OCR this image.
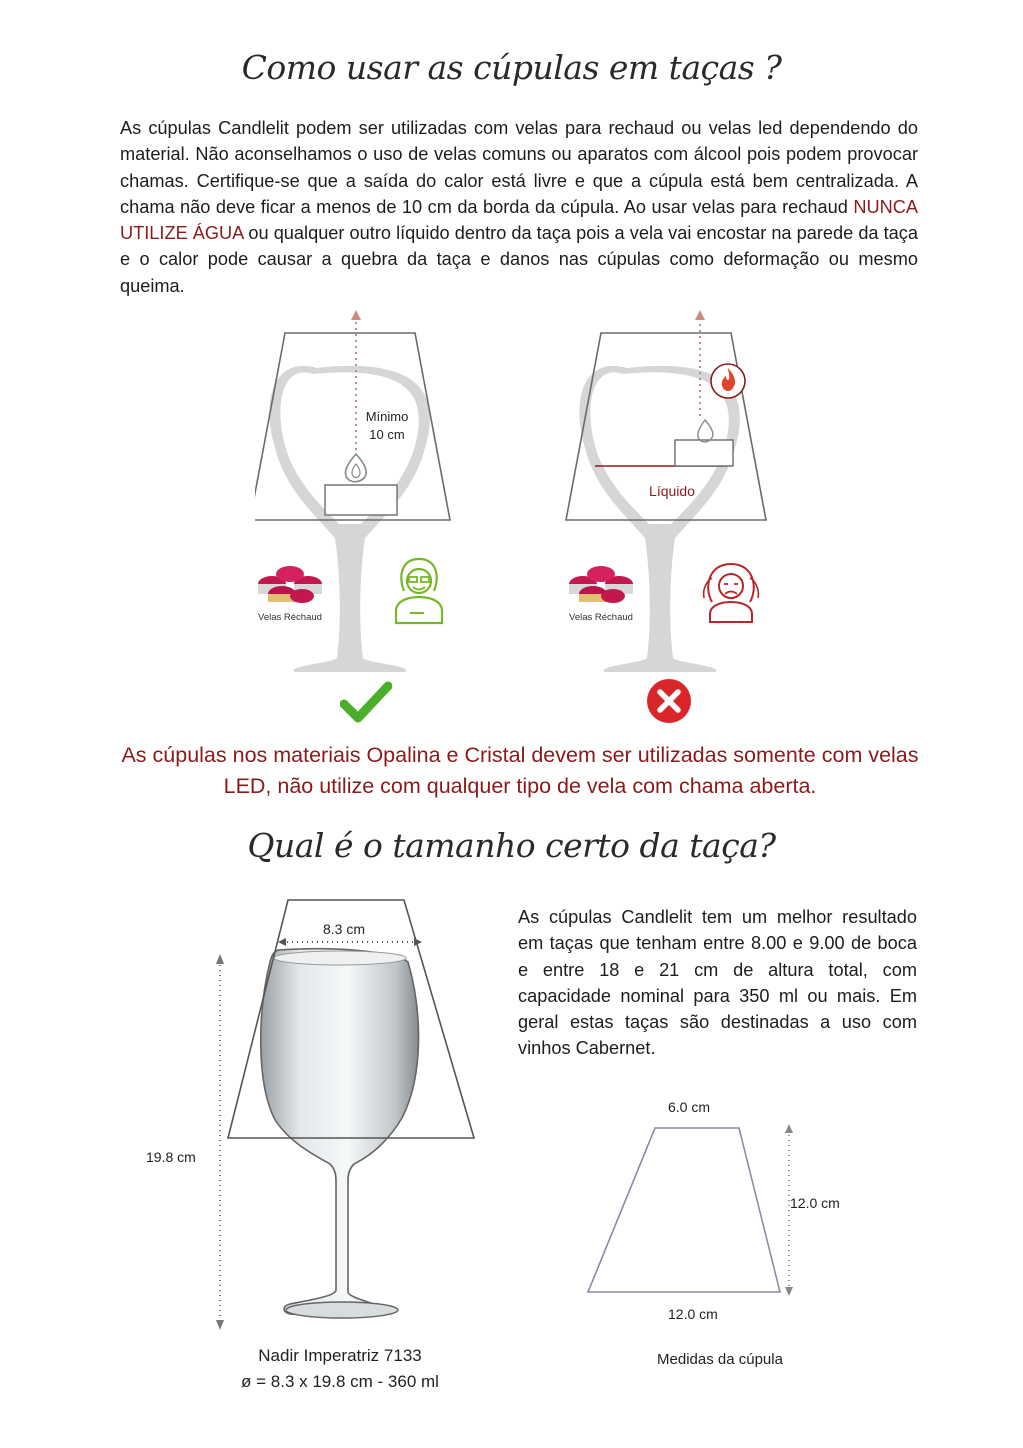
Como usar as cúpulas em taças ?
As cúpulas Candlelit podem ser utilizadas com velas para rechaud ou velas led dependendo do material. Não aconselhamos o uso de velas comuns ou aparatos com álcool pois podem provocar chamas. Certifique-se que a saída do calor está livre e que a cúpula está bem centralizada. A chama não deve ficar a menos de 10 cm da borda da cúpula. Ao usar velas para rechaud NUNCA UTILIZE ÁGUA ou qualquer outro líquido dentro da taça pois a vela vai encostar na parede da taça e o calor pode causar a quebra da taça e danos nas cúpulas como deformação ou mesmo queima.
Mínimo
10 cm
Velas Réchaud
Líquido
Velas Réchaud
As cúpulas nos materiais Opalina e Cristal devem ser utilizadas somente com velas LED, não utilize com qualquer tipo de vela com chama aberta.
Qual é o tamanho certo da taça?
8.3 cm
19.8 cm
Nadir Imperatriz 7133
ø = 8.3 x 19.8 cm - 360 ml
As cúpulas Candlelit tem um melhor resultado em taças que tenham entre 8.00 e 9.00 de boca e entre 18 e 21 cm de altura total, com capacidade nominal para 350 ml ou mais. Em geral estas taças são destinadas a uso com vinhos Cabernet.
6.0 cm
12.0 cm
12.0 cm
Medidas da cúpula
